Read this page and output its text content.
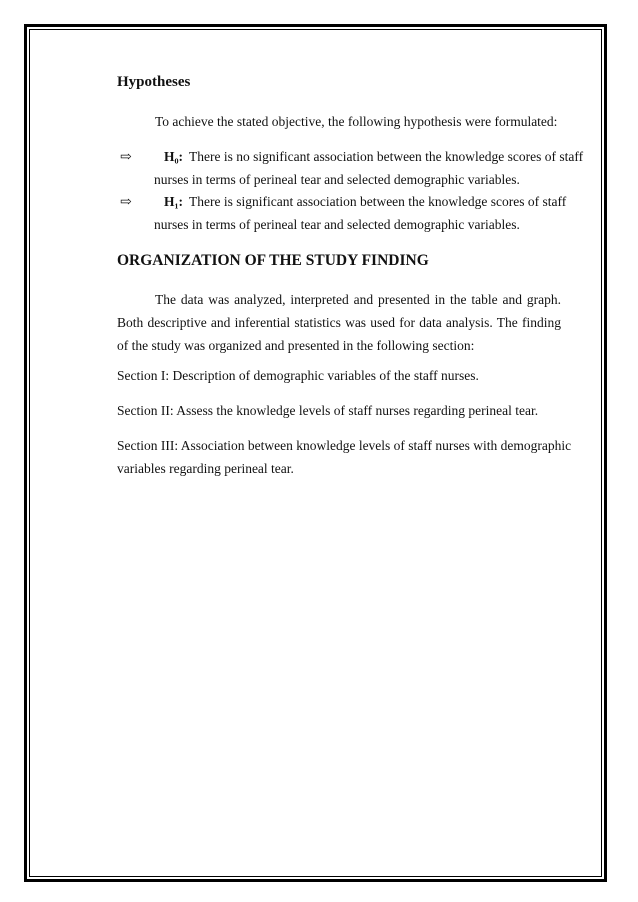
Hypotheses
To achieve the stated objective, the following hypothesis were formulated:
⇨ H₀: There is no significant association between the knowledge scores of staff
nurses in terms of perineal tear and selected demographic variables.
⇨ H₁: There is significant association between the knowledge scores of staff
nurses in terms of perineal tear and selected demographic variables.
ORGANIZATION OF THE STUDY FINDING
The data was analyzed, interpreted and presented in the table and graph. Both descriptive and inferential statistics was used for data analysis. The finding of the study was organized and presented in the following section:
Section I: Description of demographic variables of the staff nurses.
Section II: Assess the knowledge levels of staff nurses regarding perineal tear.
Section III: Association between knowledge levels of staff nurses with demographic
variables regarding perineal tear.
